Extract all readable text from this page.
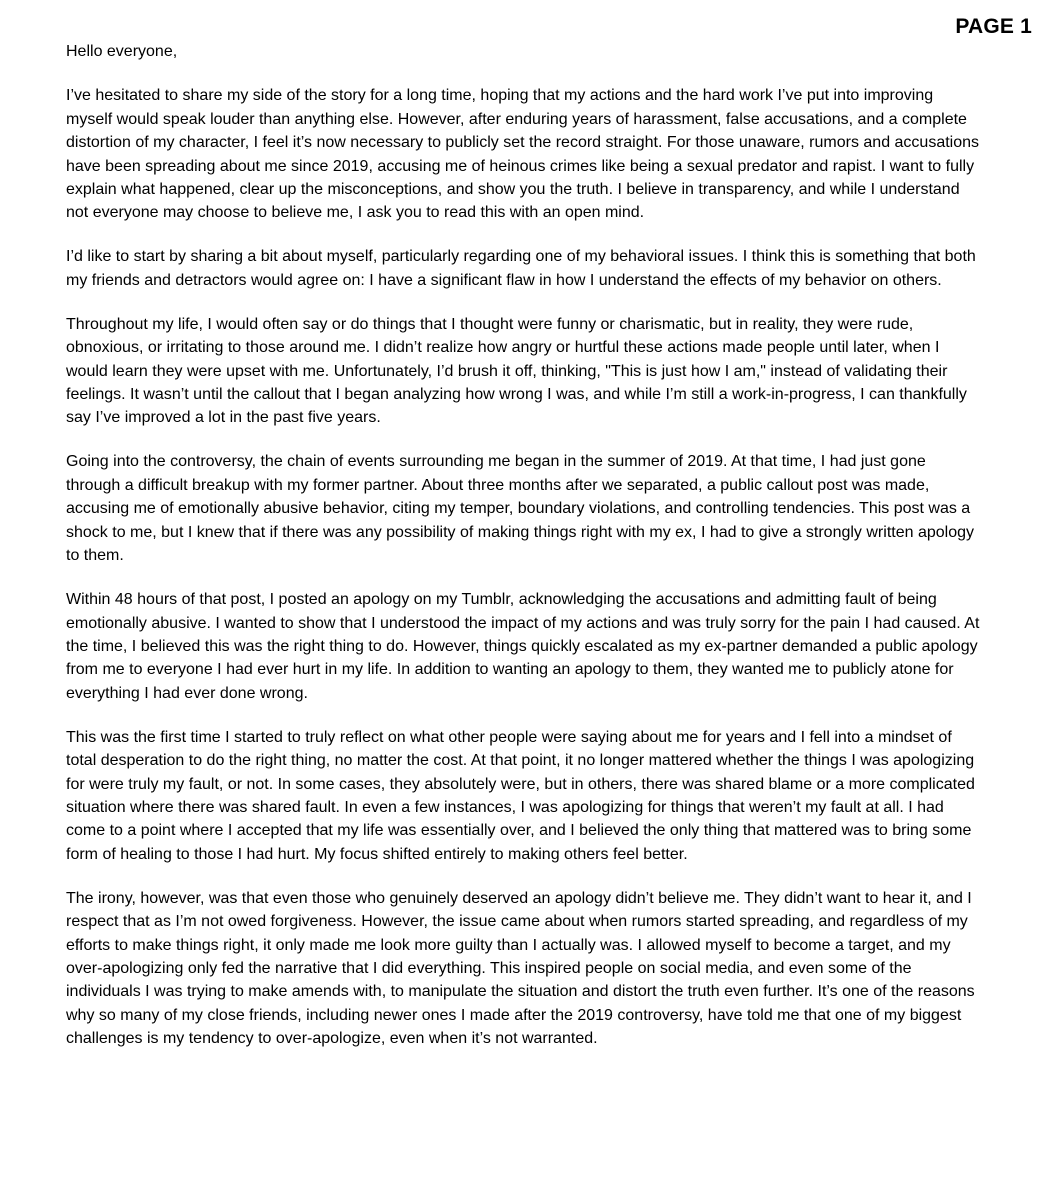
PAGE 1

Hello everyone,

I’ve hesitated to share my side of the story for a long time, hoping that my actions and the hard work I’ve put into improving myself would speak louder than anything else. However, after enduring years of harassment, false accusations, and a complete distortion of my character, I feel it’s now necessary to publicly set the record straight. For those unaware, rumors and accusations have been spreading about me since 2019, accusing me of heinous crimes like being a sexual predator and rapist. I want to fully explain what happened, clear up the misconceptions, and show you the truth. I believe in transparency, and while I understand not everyone may choose to believe me, I ask you to read this with an open mind.

I’d like to start by sharing a bit about myself, particularly regarding one of my behavioral issues. I think this is something that both my friends and detractors would agree on: I have a significant flaw in how I understand the effects of my behavior on others.

Throughout my life, I would often say or do things that I thought were funny or charismatic, but in reality, they were rude, obnoxious, or irritating to those around me. I didn’t realize how angry or hurtful these actions made people until later, when I would learn they were upset with me. Unfortunately, I’d brush it off, thinking, "This is just how I am," instead of validating their feelings. It wasn’t until the callout that I began analyzing how wrong I was, and while I’m still a work-in-progress, I can thankfully say I’ve improved a lot in the past five years.

Going into the controversy, the chain of events surrounding me began in the summer of 2019. At that time, I had just gone through a difficult breakup with my former partner. About three months after we separated, a public callout post was made, accusing me of emotionally abusive behavior, citing my temper, boundary violations, and controlling tendencies. This post was a shock to me, but I knew that if there was any possibility of making things right with my ex, I had to give a strongly written apology to them.

Within 48 hours of that post, I posted an apology on my Tumblr, acknowledging the accusations and admitting fault of being emotionally abusive. I wanted to show that I understood the impact of my actions and was truly sorry for the pain I had caused. At the time, I believed this was the right thing to do. However, things quickly escalated as my ex-partner demanded a public apology from me to everyone I had ever hurt in my life. In addition to wanting an apology to them, they wanted me to publicly atone for everything I had ever done wrong.

This was the first time I started to truly reflect on what other people were saying about me for years and I fell into a mindset of total desperation to do the right thing, no matter the cost. At that point, it no longer mattered whether the things I was apologizing for were truly my fault, or not. In some cases, they absolutely were, but in others, there was shared blame or a more complicated situation where there was shared fault. In even a few instances, I was apologizing for things that weren’t my fault at all. I had come to a point where I accepted that my life was essentially over, and I believed the only thing that mattered was to bring some form of healing to those I had hurt. My focus shifted entirely to making others feel better.

The irony, however, was that even those who genuinely deserved an apology didn’t believe me. They didn’t want to hear it, and I respect that as I’m not owed forgiveness. However, the issue came about when rumors started spreading, and regardless of my efforts to make things right, it only made me look more guilty than I actually was. I allowed myself to become a target, and my over-apologizing only fed the narrative that I did everything. This inspired people on social media, and even some of the individuals I was trying to make amends with, to manipulate the situation and distort the truth even further. It’s one of the reasons why so many of my close friends, including newer ones I made after the 2019 controversy, have told me that one of my biggest challenges is my tendency to over-apologize, even when it’s not warranted.
